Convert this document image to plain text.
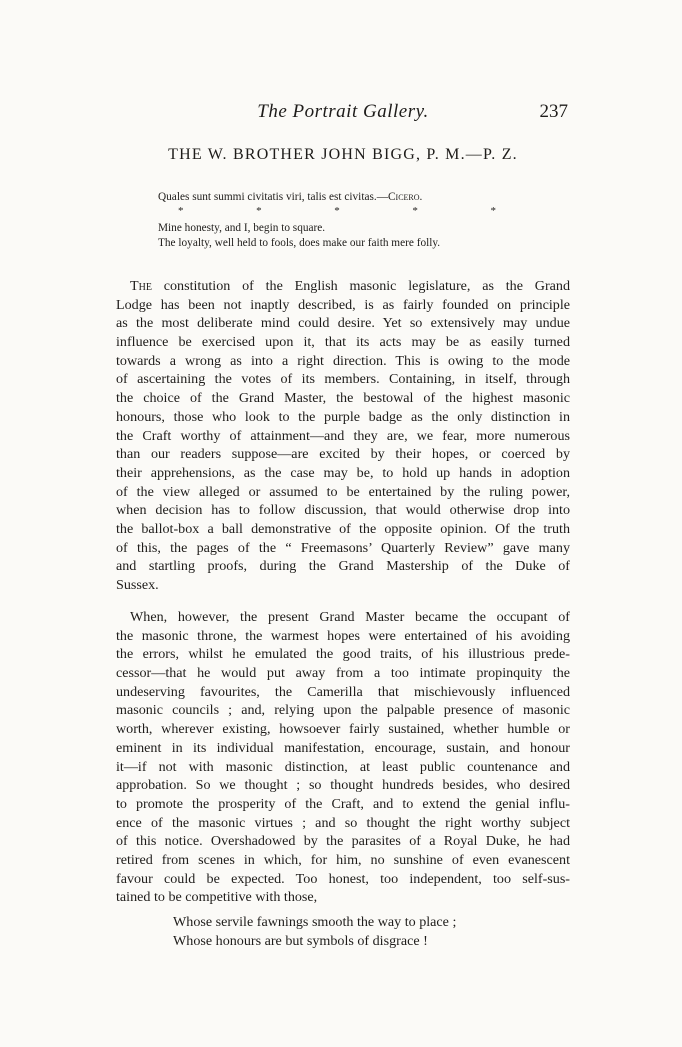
The Portrait Gallery.	237
THE W. BROTHER JOHN BIGG, P. M.—P. Z.
Quales sunt summi civitatis viri, talis est civitas.—Cicero.
*	*	*	*	*
Mine honesty, and I, begin to square.
The loyalty, well held to fools, does make our faith mere folly.
The constitution of the English masonic legislature, as the Grand
Lodge has been not inaptly described, is as fairly founded on principle
as the most deliberate mind could desire. Yet so extensively may undue
influence be exercised upon it, that its acts may be as easily turned
towards a wrong as into a right direction. This is owing to the mode
of ascertaining the votes of its members. Containing, in itself, through
the choice of the Grand Master, the bestowal of the highest masonic
honours, those who look to the purple badge as the only distinction in
the Craft worthy of attainment—and they are, we fear, more numerous
than our readers suppose—are excited by their hopes, or coerced by
their apprehensions, as the case may be, to hold up hands in adoption
of the view alleged or assumed to be entertained by the ruling power,
when decision has to follow discussion, that would otherwise drop into
the ballot-box a ball demonstrative of the opposite opinion. Of the truth
of this, the pages of the “ Freemasons’ Quarterly Review” gave many
and startling proofs, during the Grand Mastership of the Duke of
Sussex.
When, however, the present Grand Master became the occupant of
the masonic throne, the warmest hopes were entertained of his avoiding
the errors, whilst he emulated the good traits, of his illustrious prede-
cessor—that he would put away from a too intimate propinquity the
undeserving favourites, the Camerilla that mischievously influenced
masonic councils ; and, relying upon the palpable presence of masonic
worth, wherever existing, howsoever fairly sustained, whether humble or
eminent in its individual manifestation, encourage, sustain, and honour
it—if not with masonic distinction, at least public countenance and
approbation. So we thought ; so thought hundreds besides, who desired
to promote the prosperity of the Craft, and to extend the genial influ-
ence of the masonic virtues ; and so thought the right worthy subject
of this notice. Overshadowed by the parasites of a Royal Duke, he had
retired from scenes in which, for him, no sunshine of even evanescent
favour could be expected. Too honest, too independent, too self-sus-
tained to be competitive with those,
Whose servile fawnings smooth the way to place ;
Whose honours are but symbols of disgrace !
